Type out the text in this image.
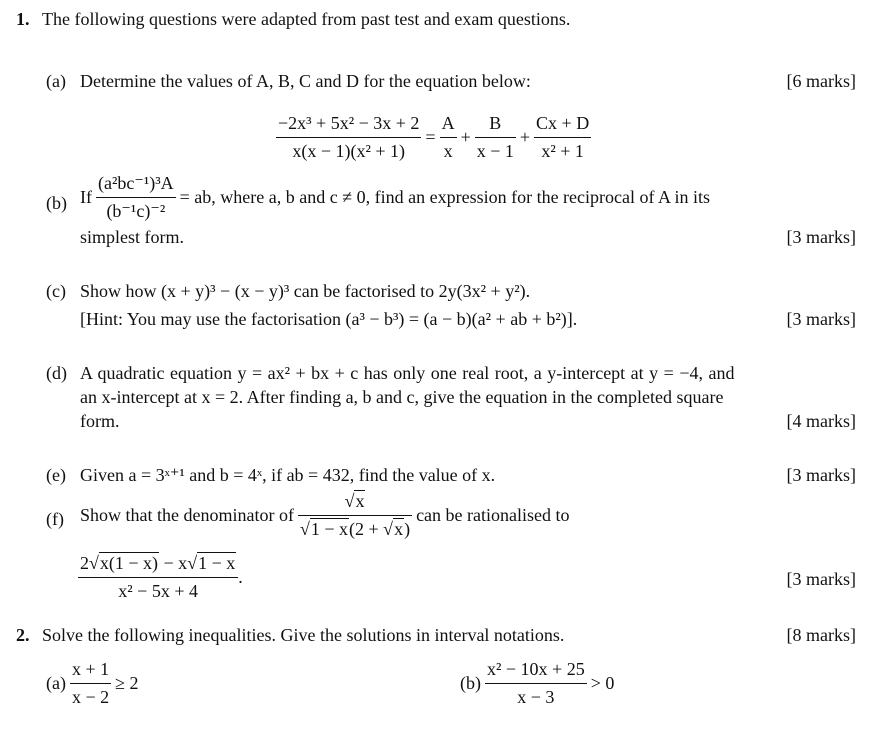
1. The following questions were adapted from past test and exam questions.
(a) Determine the values of A, B, C and D for the equation below:	[6 marks]
$\frac{\text{−2x³ + 5x² − 3x + 2}}{\text{x(x − 1)(x² + 1)}} = \frac{A}{x} + \frac{B}{x - 1} + \frac{Cx + D}{\text{x² + 1}}$
(b) If $\frac{\text{(a²bc⁻¹)³A}}{\text{(b⁻¹c)⁻²}}$ = ab, where a, b and c ≠ 0, find an expression for the reciprocal of A in its
simplest form.	[3 marks]
(c) Show how (x + y)³ − (x − y)³ can be factorised to 2y(3x² + y²).
[Hint: You may use the factorisation (a³ − b³) = (a − b)(a² + ab + b²)].	[3 marks]
(d) A quadratic equation y = ax² + bx + c has only one real root, a y-intercept at y = −4, and
an x-intercept at x = 2. After finding a, b and c, give the equation in the completed square
form.	[4 marks]
(e) Given a = 3ˣ⁺¹ and b = 4ˣ, if ab = 432, find the value of x.	[3 marks]
(f) Show that the denominator of $\frac{√x}{√1 - x(2 + √x)}$ can be rationalised to
$\frac{2√x(1 - x) - x√1 - x}{\text{x² − 5x + 4}}$ .	[3 marks]
2. Solve the following inequalities. Give the solutions in interval notations.	[8 marks]
$(a) \frac{x + 1}{x - 2} \ge 2$	$(b) \frac{\text{x² − 10x + 25}}{x - 3} > 0$
